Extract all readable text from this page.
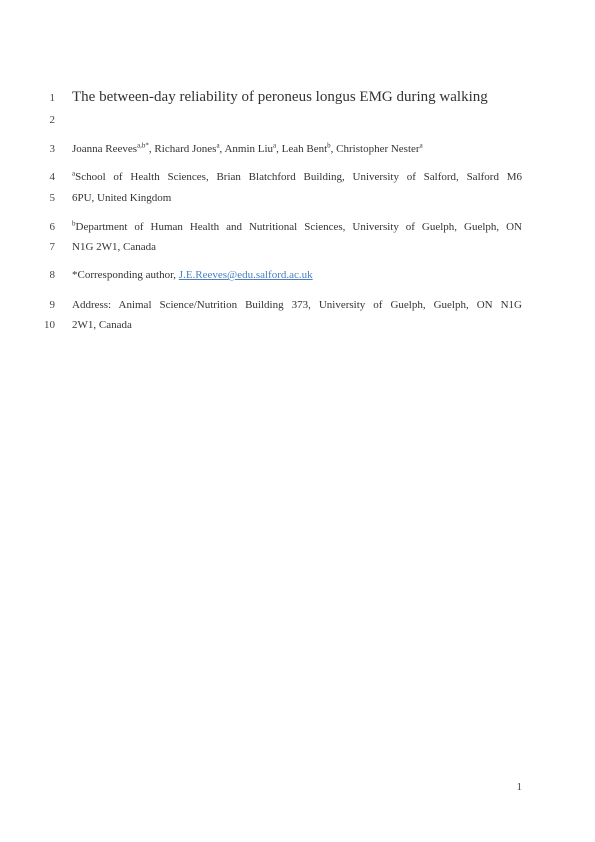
1 The between-day reliability of peroneus longus EMG during walking
2
3 Joanna Reeves$^{a,b*}$, Richard Jones$^a$, Anmin Liu$^a$, Leah Bent$^b$, Christopher Nester$^a$
4 $^a$School of Health Sciences, Brian Blatchford Building, University of Salford, Salford M6
5 6PU, United Kingdom
6 $^b$Department of Human Health and Nutritional Sciences, University of Guelph, Guelph, ON
7 N1G 2W1, Canada
8 *Corresponding author, J.E.Reeves@edu.salford.ac.uk
9 Address: Animal Science/Nutrition Building 373, University of Guelph, Guelph, ON N1G
10 2W1, Canada
1
